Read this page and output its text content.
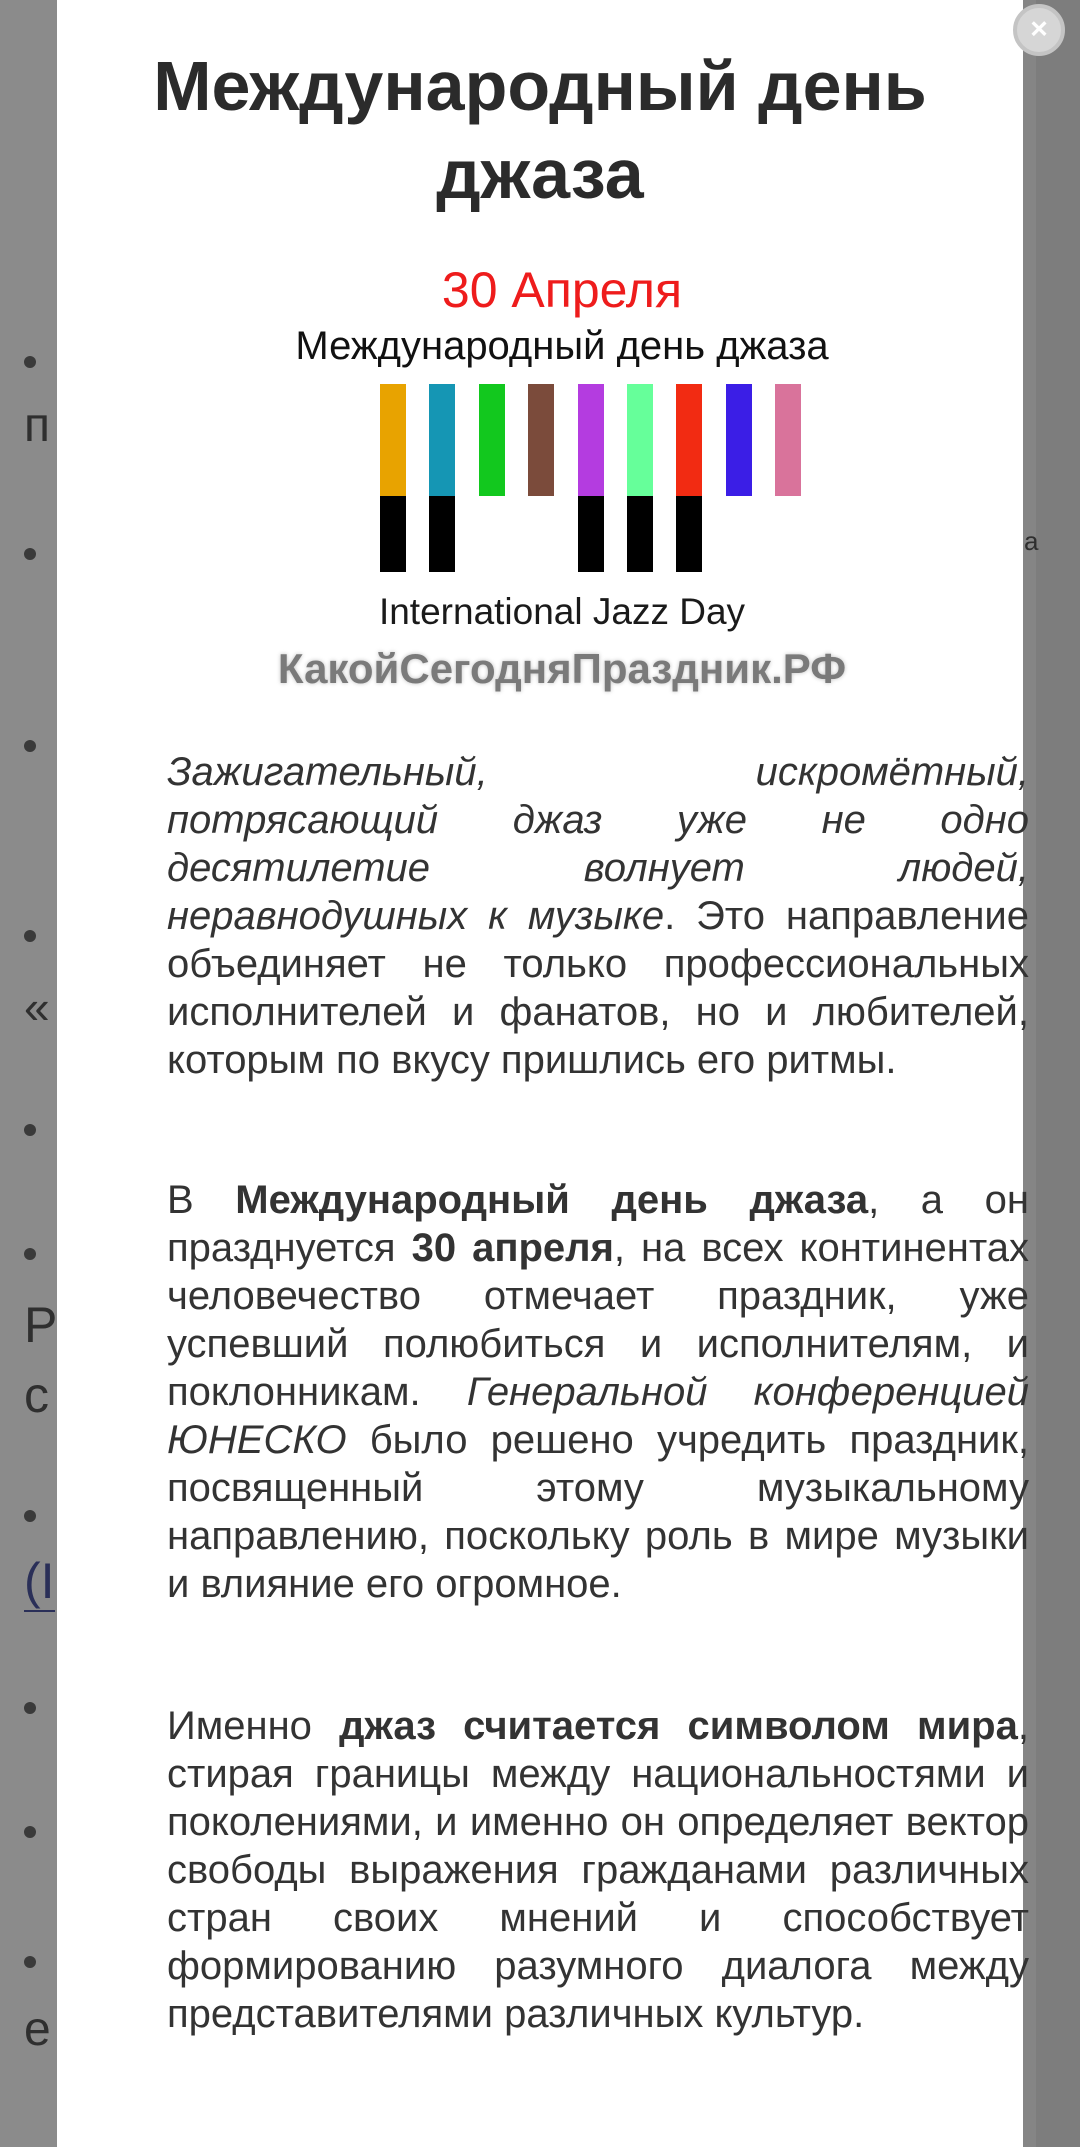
п
«
Р
с
(I
е
а
×
Международный день джаза
30 Апреля
Международный день джаза
International Jazz Day
КакойСегодняПраздник.РФ

Зажигательный, искромётный, потрясающий джаз уже не одно десятилетие волнует людей, неравнодушных к музыке. Это направление объединяет не только профессиональных исполнителей и фанатов, но и любителей, которым по вкусу пришлись его ритмы.

В Международный день джаза, а он празднуется 30 апреля, на всех континентах человечество отмечает праздник, уже успевший полюбиться и исполнителям, и поклонникам. Генеральной конференцией ЮНЕСКО было решено учредить праздник, посвященный этому музыкальному направлению, поскольку роль в мире музыки и влияние его огромное.

Именно джаз считается символом мира, стирая границы между национальностями и поколениями, и именно он определяет вектор свободы выражения гражданами различных стран своих мнений и способствует формированию разумного диалога между представителями различных культур.
